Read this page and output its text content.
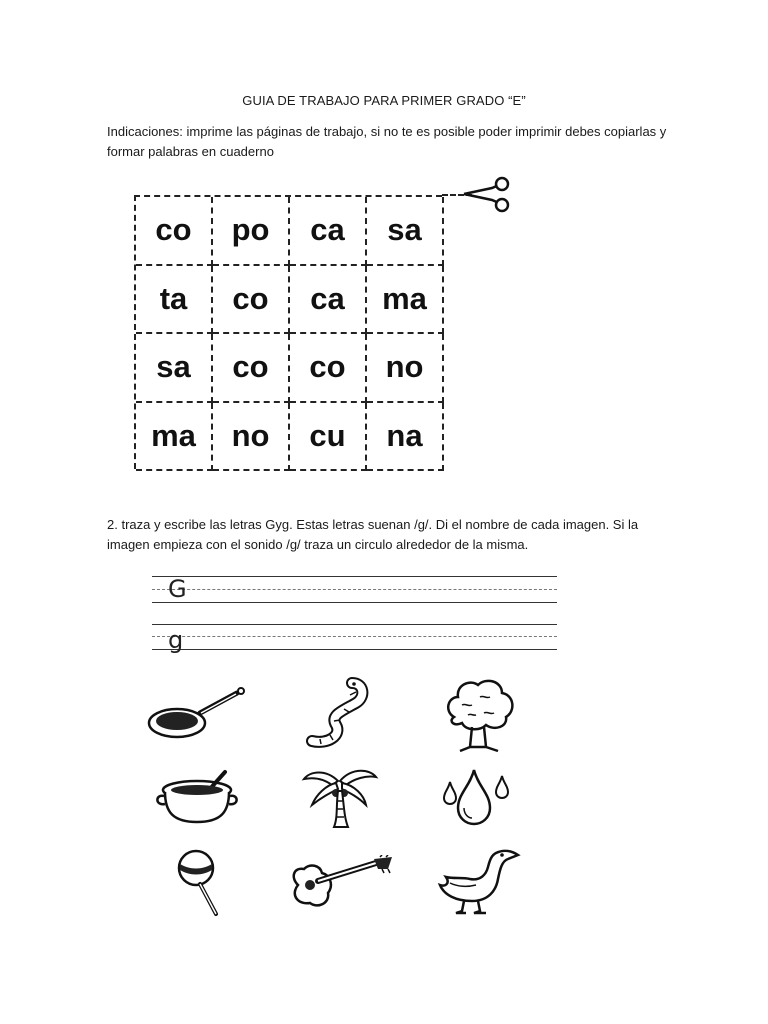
GUIA DE TRABAJO PARA PRIMER GRADO “E”
Indicaciones: imprime las páginas de trabajo, si no te es posible poder imprimir debes copiarlas y formar palabras en cuaderno
co	po	ca	sa
ta	co	ca	ma
sa	co	co	no
ma	no	cu	na
2. traza y escribe las letras Gyg. Estas letras suenan /g/. Di el nombre de cada imagen. Si la imagen empieza con el sonido /g/ traza un circulo alrededor de la misma.
G
g
